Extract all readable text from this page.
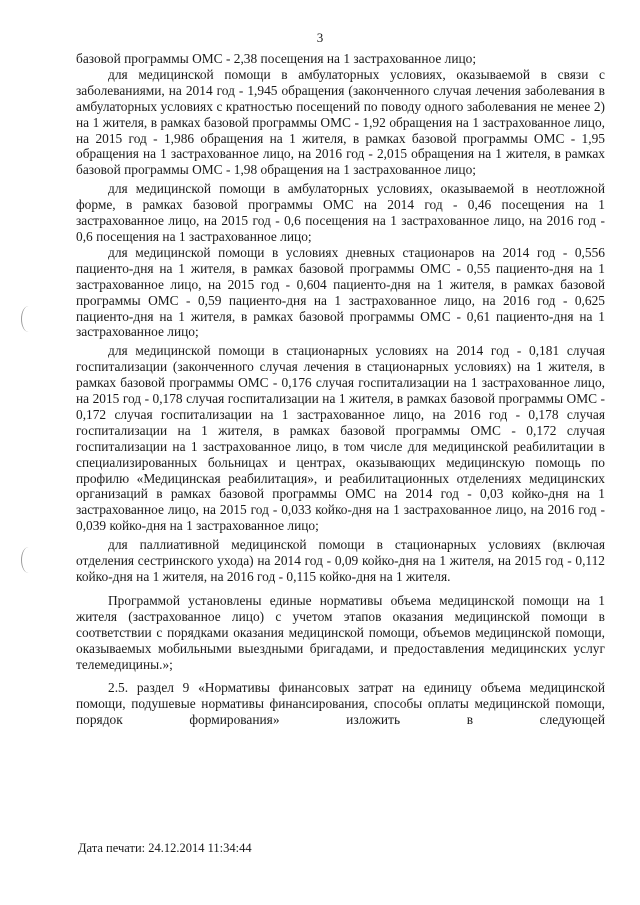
3

базовой программы ОМС - 2,38 посещения на 1 застрахованное лицо;

для медицинской помощи в амбулаторных условиях, оказываемой в связи с заболеваниями, на 2014 год - 1,945 обращения (законченного случая лечения заболевания в амбулаторных условиях с кратностью посещений по поводу одного заболевания не менее 2) на 1 жителя, в рамках базовой программы ОМС - 1,92 обращения на 1 застрахованное лицо, на 2015 год - 1,986 обращения на 1 жителя, в рамках базовой программы ОМС - 1,95 обращения на 1 застрахованное лицо, на 2016 год - 2,015 обращения на 1 жителя, в рамках базовой программы ОМС - 1,98 обращения на 1 застрахованное лицо;

для медицинской помощи в амбулаторных условиях, оказываемой в неотложной форме, в рамках базовой программы ОМС на 2014 год - 0,46 посещения на 1 застрахованное лицо, на 2015 год - 0,6 посещения на 1 застрахованное лицо, на 2016 год - 0,6 посещения на 1 застрахованное лицо;

для медицинской помощи в условиях дневных стационаров на 2014 год - 0,556 пациенто-дня на 1 жителя, в рамках базовой программы ОМС - 0,55 пациенто-дня на 1 застрахованное лицо, на 2015 год - 0,604 пациенто-дня на 1 жителя, в рамках базовой программы ОМС - 0,59 пациенто-дня на 1 застрахованное лицо, на 2016 год - 0,625 пациенто-дня на 1 жителя, в рамках базовой программы ОМС - 0,61 пациенто-дня на 1 застрахованное лицо;

для медицинской помощи в стационарных условиях на 2014 год - 0,181 случая госпитализации (законченного случая лечения в стационарных условиях) на 1 жителя, в рамках базовой программы ОМС - 0,176 случая госпитализации на 1 застрахованное лицо, на 2015 год - 0,178 случая госпитализации на 1 жителя, в рамках базовой программы ОМС - 0,172 случая госпитализации на 1 застрахованное лицо, на 2016 год - 0,178 случая госпитализации на 1 жителя, в рамках базовой программы ОМС - 0,172 случая госпитализации на 1 застрахованное лицо, в том числе для медицинской реабилитации в специализированных больницах и центрах, оказывающих медицинскую помощь по профилю «Медицинская реабилитация», и реабилитационных отделениях медицинских организаций в рамках базовой программы ОМС на 2014 год - 0,03 койко-дня на 1 застрахованное лицо, на 2015 год - 0,033 койко-дня на 1 застрахованное лицо, на 2016 год - 0,039 койко-дня на 1 застрахованное лицо;

для паллиативной медицинской помощи в стационарных условиях (включая отделения сестринского ухода) на 2014 год - 0,09 койко-дня на 1 жителя, на 2015 год - 0,112 койко-дня на 1 жителя, на 2016 год - 0,115 койко-дня на 1 жителя.

Программой установлены единые нормативы объема медицинской помощи на 1 жителя (застрахованное лицо) с учетом этапов оказания медицинской помощи в соответствии с порядками оказания медицинской помощи, объемов медицинской помощи, оказываемых мобильными выездными бригадами, и предоставления медицинских услуг телемедицины.»;

2.5. раздел 9 «Нормативы финансовых затрат на единицу объема медицинской помощи, подушевые нормативы финансирования, способы оплаты медицинской помощи, порядок формирования» изложить в следующей

Дата печати: 24.12.2014 11:34:44
